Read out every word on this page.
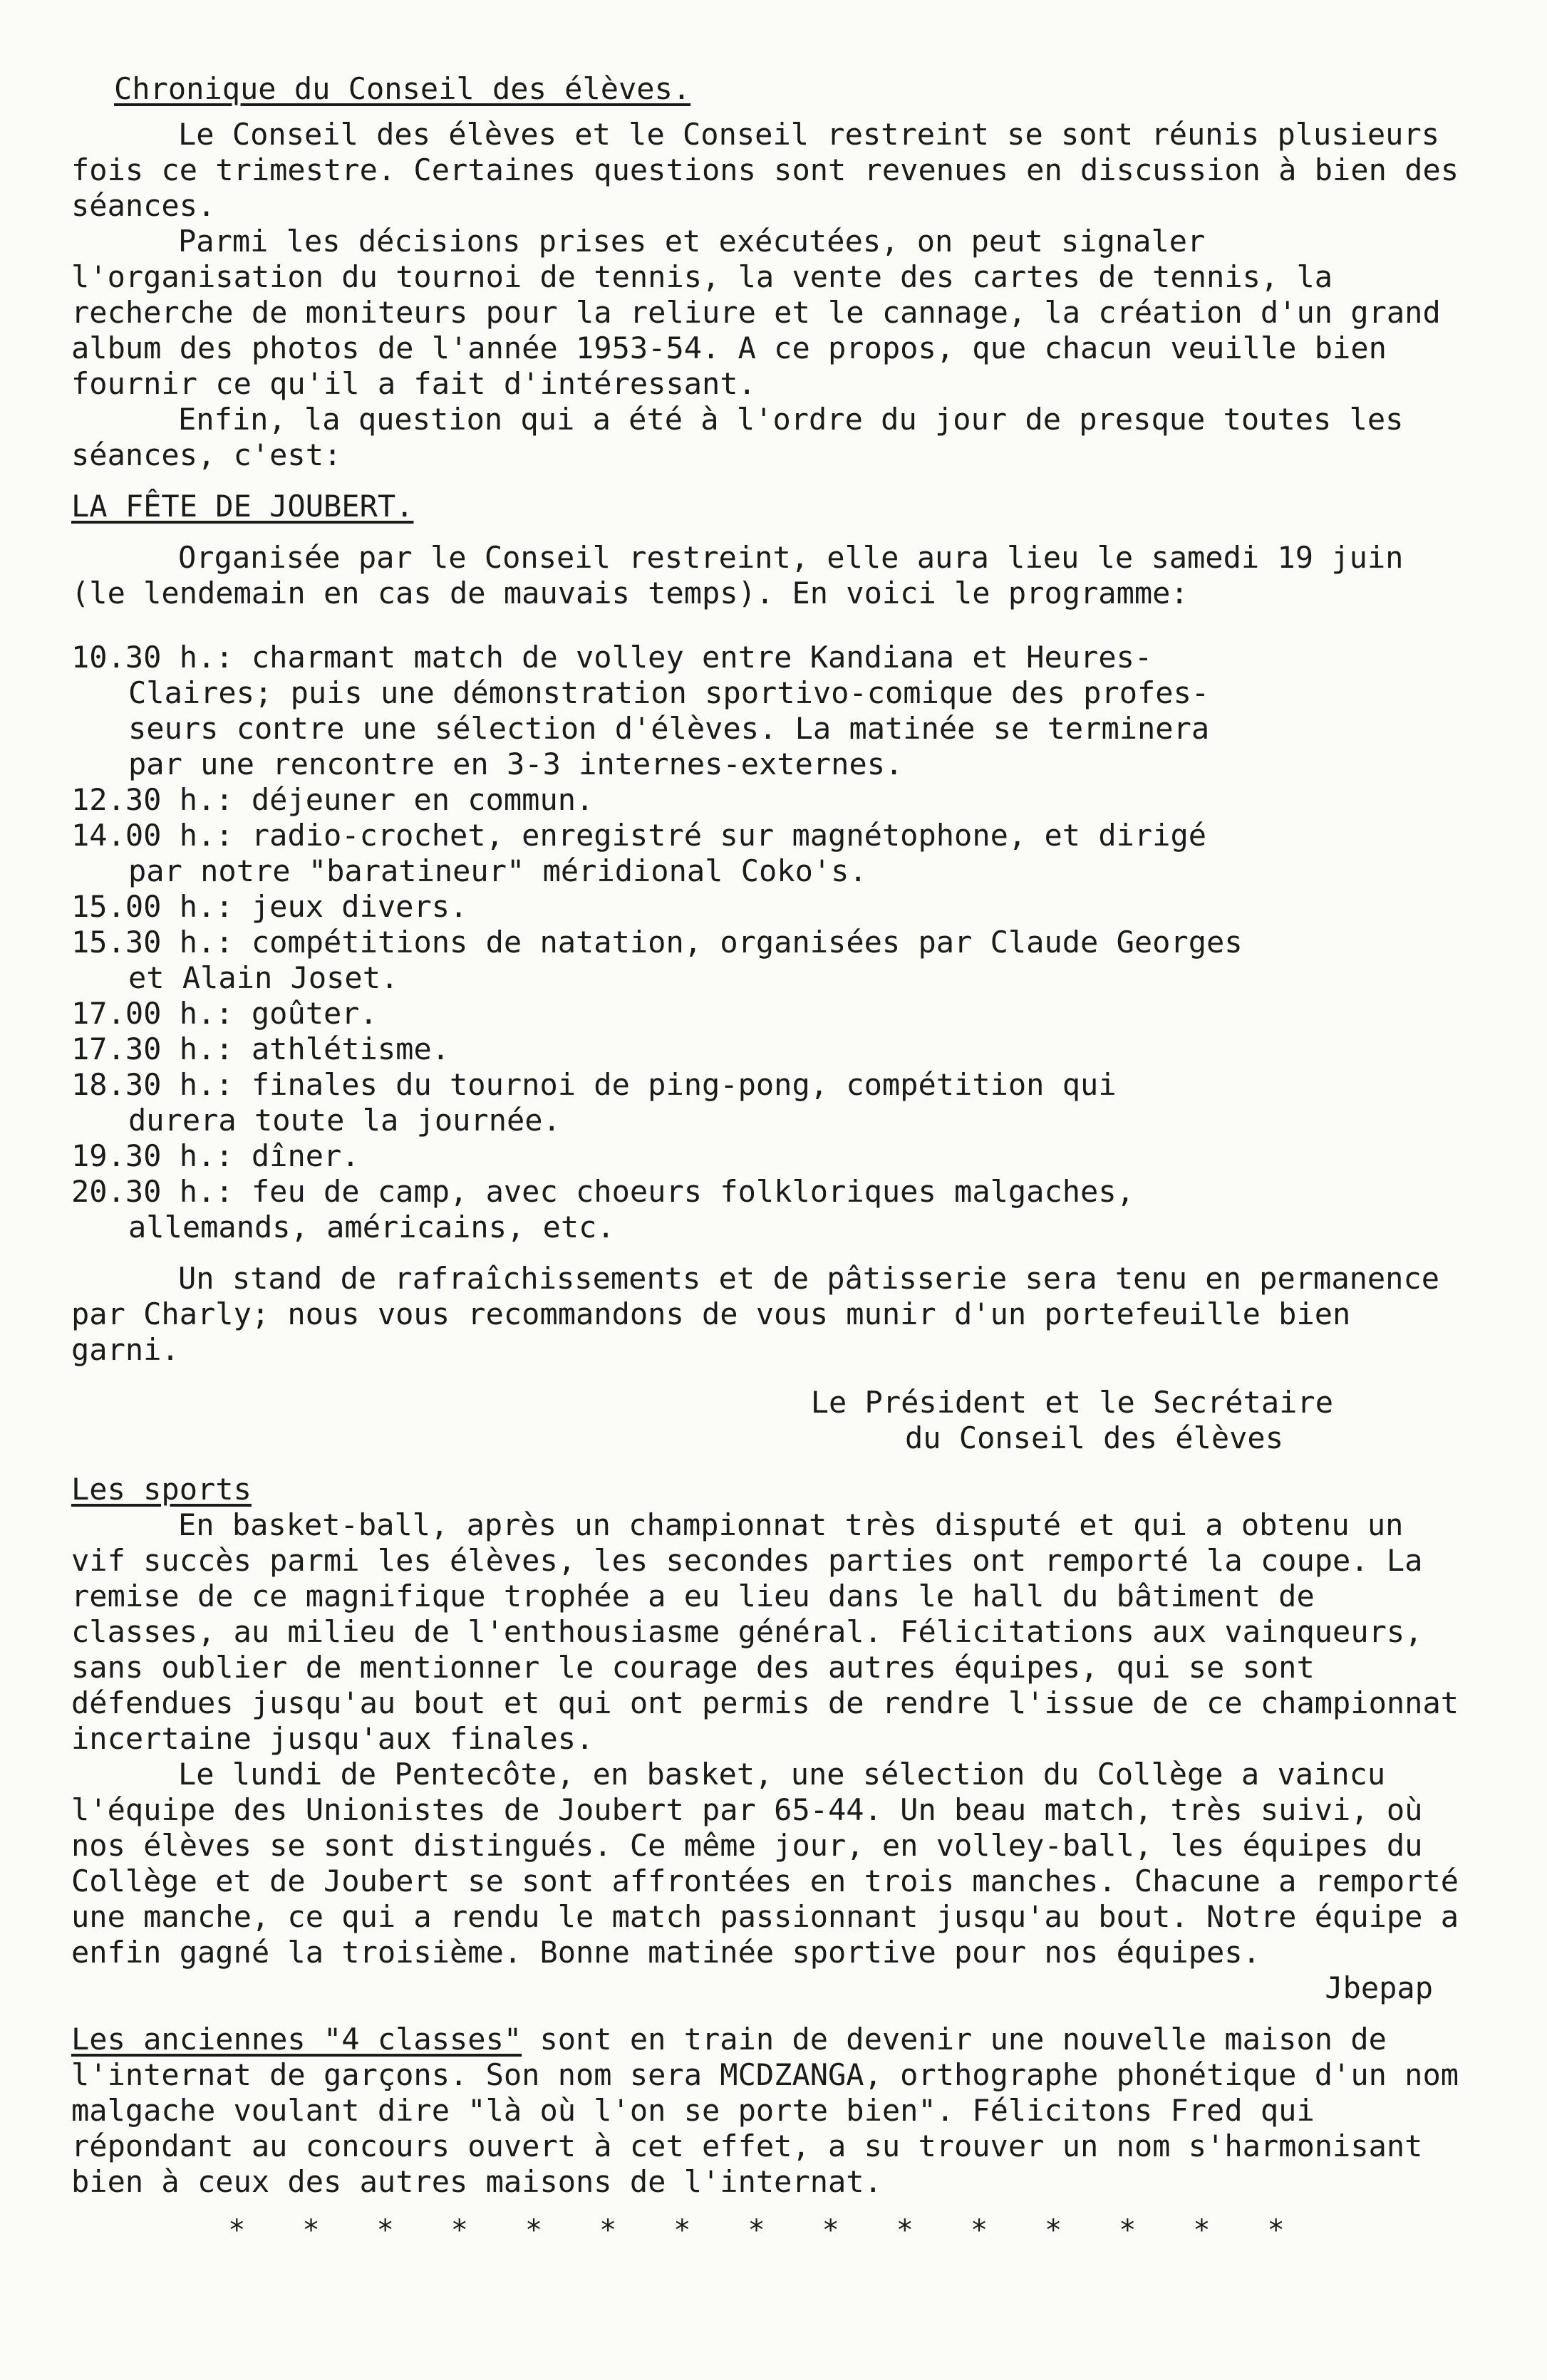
Chronique du Conseil des élèves.

Le Conseil des élèves et le Conseil restreint se sont réunis plusieurs fois ce trimestre. Certaines questions sont revenues en discussion à bien des séances.

Parmi les décisions prises et exécutées, on peut signaler l'organisation du tournoi de tennis, la vente des cartes de tennis, la recherche de moniteurs pour la reliure et le cannage, la création d'un grand album des photos de l'année 1953-54. A ce propos, que chacun veuille bien fournir ce qu'il a fait d'intéressant.

Enfin, la question qui a été à l'ordre du jour de presque toutes les séances, c'est:

LA FÊTE DE JOUBERT.

Organisée par le Conseil restreint, elle aura lieu le samedi 19 juin (le lendemain en cas de mauvais temps). En voici le programme:

10.30 h.: charmant match de volley entre Kandiana et Heures-
Claires; puis une démonstration sportivo-comique des profes-
seurs contre une sélection d'élèves. La matinée se terminera
par une rencontre en 3-3 internes-externes.
12.30 h.: déjeuner en commun.
14.00 h.: radio-crochet, enregistré sur magnétophone, et dirigé
par notre "baratineur" méridional Coko's.
15.00 h.: jeux divers.
15.30 h.: compétitions de natation, organisées par Claude Georges
et Alain Joset.
17.00 h.: goûter.
17.30 h.: athlétisme.
18.30 h.: finales du tournoi de ping-pong, compétition qui
durera toute la journée.
19.30 h.: dîner.
20.30 h.: feu de camp, avec choeurs folkloriques malgaches,
allemands, américains, etc.

Un stand de rafraîchissements et de pâtisserie sera tenu en permanence par Charly; nous vous recommandons de vous munir d'un portefeuille bien garni.

Le Président et le Secrétaire
du Conseil des élèves

Les sports

En basket-ball, après un championnat très disputé et qui a obtenu un vif succès parmi les élèves, les secondes parties ont remporté la coupe. La remise de ce magnifique trophée a eu lieu dans le hall du bâtiment de classes, au milieu de l'enthousiasme général. Félicitations aux vainqueurs, sans oublier de mentionner le courage des autres équipes, qui se sont défendues jusqu'au bout et qui ont permis de rendre l'issue de ce championnat incertaine jusqu'aux finales.

Le lundi de Pentecôte, en basket, une sélection du Collège a vaincu l'équipe des Unionistes de Joubert par 65-44. Un beau match, très suivi, où nos élèves se sont distingués. Ce même jour, en volley-ball, les équipes du Collège et de Joubert se sont affrontées en trois manches. Chacune a remporté une manche, ce qui a rendu le match passionnant jusqu'au bout. Notre équipe a enfin gagné la troisième. Bonne matinée sportive pour nos équipes.

Jbepap

Les anciennes "4 classes" sont en train de devenir une nouvelle maison de l'internat de garçons. Son nom sera MCDZANGA, orthographe phonétique d'un nom malgache voulant dire "là où l'on se porte bien". Félicitons Fred qui répondant au concours ouvert à cet effet, a su trouver un nom s'harmonisant bien à ceux des autres maisons de l'internat.

* * * * * * * * * * * * * * *
